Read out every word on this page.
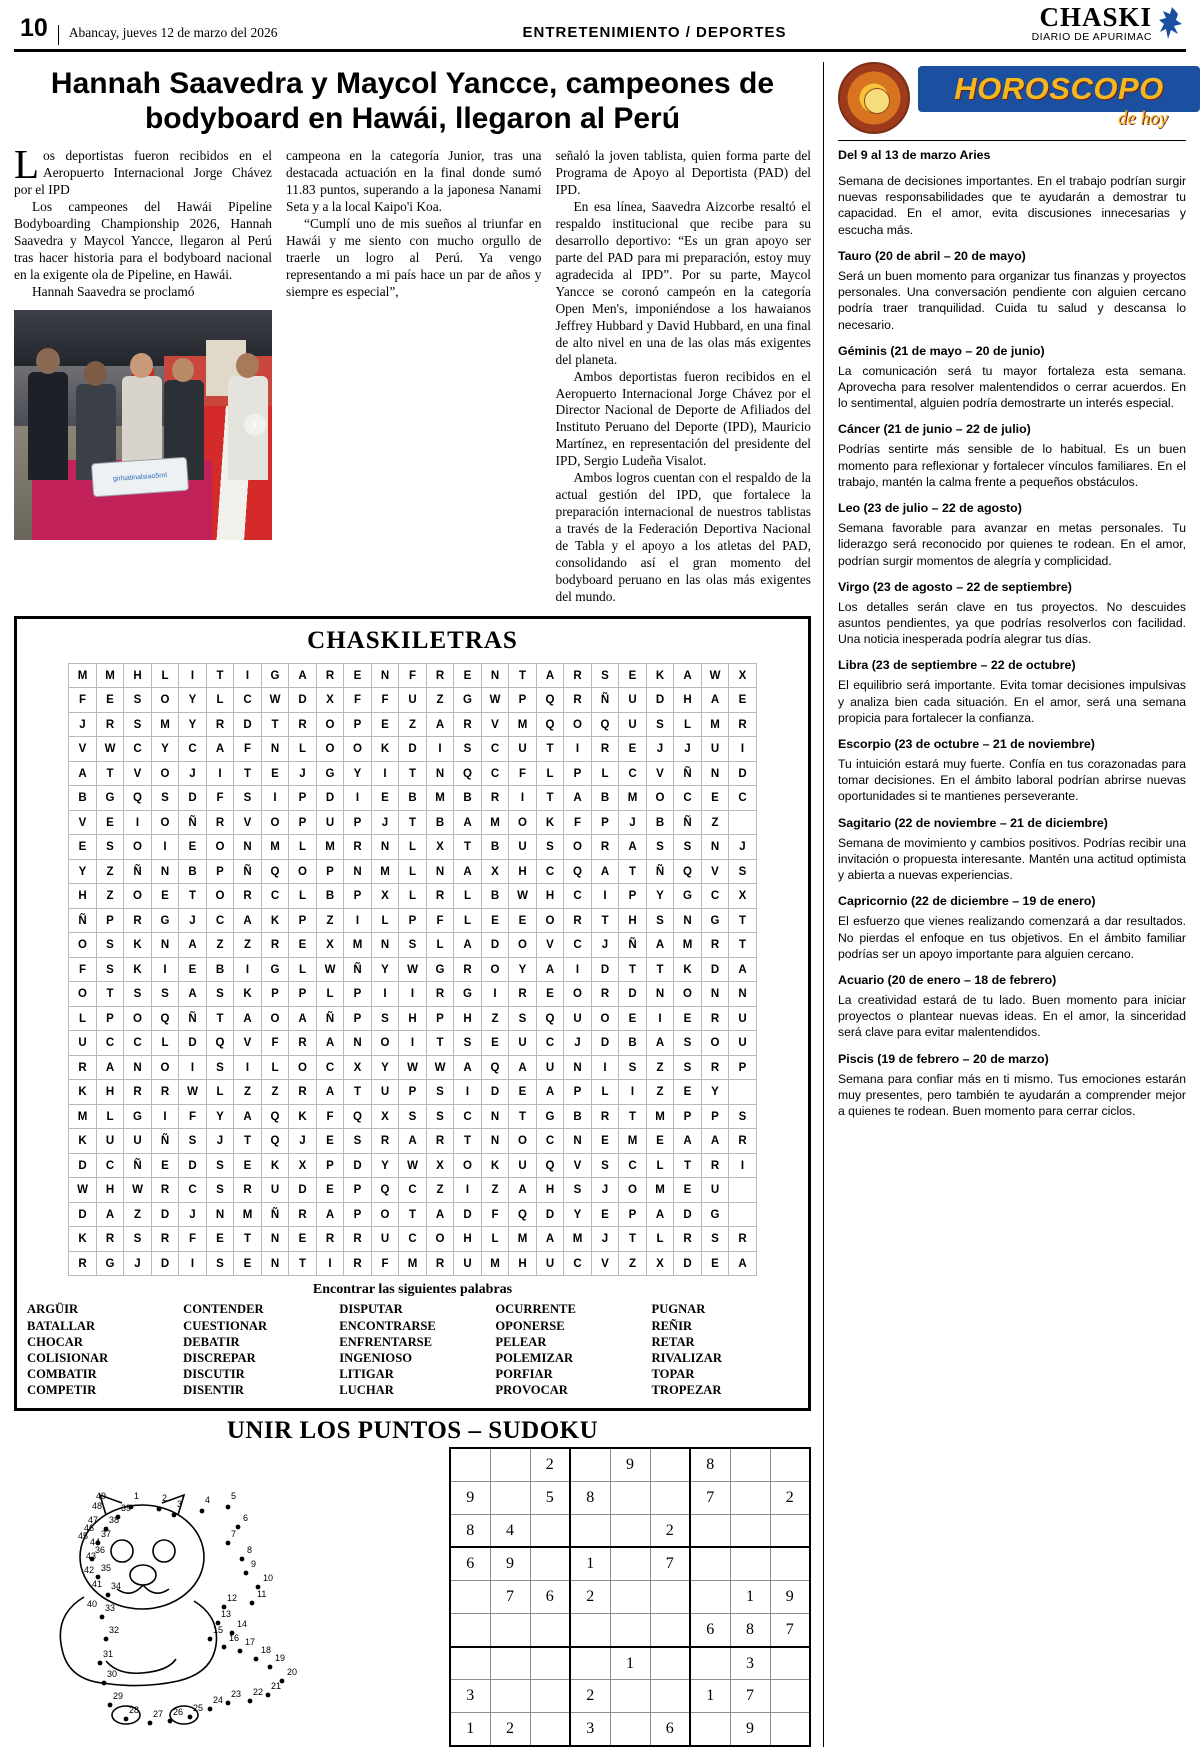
10	Abancay, jueves 12 de marzo del 2026	ENTRETENIMIENTO / DEPORTES
CHASKI
DIARIO DE APURIMAC
Hannah Saavedra y Maycol Yancce, campeones de bodyboard en Hawái, llegaron al Perú

Los deportistas fueron recibidos en el Aeropuerto Internacional Jorge Chávez por el IPD

Los campeones del Hawái Pipeline Bodyboarding Championship 2026, Hannah Saavedra y Maycol Yancce, llegaron al Perú tras hacer historia para el bodyboard nacional en la exigente ola de Pipeline, en Hawái.

Hannah Saavedra se proclamó

girlsatinalsiao5rnl
›

campeona en la categoría Junior, tras una destacada actuación en la final donde sumó 11.83 puntos, superando a la japonesa Nanami Seta y a la local Kaipo'i Koa.

“Cumplí uno de mis sueños al triunfar en Hawái y me siento con mucho orgullo de traerle un logro al Perú. Ya vengo representando a mi país hace un par de años y siempre es especial”,

señaló la joven tablista, quien forma parte del Programa de Apoyo al Deportista (PAD) del IPD.

En esa línea, Saavedra Aizcorbe resaltó el respaldo institucional que recibe para su desarrollo deportivo: “Es un gran apoyo ser parte del PAD para mi preparación, estoy muy agradecida al IPD”. Por su parte, Maycol Yancce se coronó campeón en la categoría Open Men's, imponiéndose a los hawaianos Jeffrey Hubbard y David Hubbard, en una final de alto nivel en una de las olas más exigentes del planeta.

Ambos deportistas fueron recibidos en el Aeropuerto Internacional Jorge Chávez por el Director Nacional de Deporte de Afiliados del Instituto Peruano del Deporte (IPD), Mauricio Martínez, en representación del presidente del IPD, Sergio Ludeña Visalot.

Ambos logros cuentan con el respaldo de la actual gestión del IPD, que fortalece la preparación internacional de nuestros tablistas a través de la Federación Deportiva Nacional de Tabla y el apoyo a los atletas del PAD, consolidando así el gran momento del bodyboard peruano en las olas más exigentes del mundo.

CHASKILETRAS
M	M	H	L	I	T	I	G	A	R	E	N	F	R	E	N	T	A	R	S	E	K	A	W	X
F	E	S	O	Y	L	C	W	D	X	F	F	U	Z	G	W	P	Q	R	Ñ	U	D	H	A	E
J	R	S	M	Y	R	D	T	R	O	P	E	Z	A	R	V	M	Q	O	Q	U	S	L	M	R
V	W	C	Y	C	A	F	N	L	O	O	K	D	I	S	C	U	T	I	R	E	J	J	U	I
A	T	V	O	J	I	T	E	J	G	Y	I	T	N	Q	C	F	L	P	L	C	V	Ñ	N	D
B	G	Q	S	D	F	S	I	P	D	I	E	B	M	B	R	I	T	A	B	M	O	C	E	C
V	E	I	O	Ñ	R	V	O	P	U	P	J	T	B	A	M	O	K	F	P	J	B	Ñ	Z	
E	S	O	I	E	O	N	M	L	M	R	N	L	X	T	B	U	S	O	R	A	S	S	N	J
Y	Z	Ñ	N	B	P	Ñ	Q	O	P	N	M	L	N	A	X	H	C	Q	A	T	Ñ	Q	V	S
H	Z	O	E	T	O	R	C	L	B	P	X	L	R	L	B	W	H	C	I	P	Y	G	C	X
Ñ	P	R	G	J	C	A	K	P	Z	I	L	P	F	L	E	E	O	R	T	H	S	N	G	T
O	S	K	N	A	Z	Z	R	E	X	M	N	S	L	A	D	O	V	C	J	Ñ	A	M	R	T
F	S	K	I	E	B	I	G	L	W	Ñ	Y	W	G	R	O	Y	A	I	D	T	T	K	D	A
O	T	S	S	A	S	K	P	P	L	P	I	I	R	G	I	R	E	O	R	D	N	O	N	N
L	P	O	Q	Ñ	T	A	O	A	Ñ	P	S	H	P	H	Z	S	Q	U	O	E	I	E	R	U
U	C	C	L	D	Q	V	F	R	A	N	O	I	T	S	E	U	C	J	D	B	A	S	O	U
R	A	N	O	I	S	I	L	O	C	X	Y	W	W	A	Q	A	U	N	I	S	Z	S	R	P
K	H	R	R	W	L	Z	Z	R	A	T	U	P	S	I	D	E	A	P	L	I	Z	E	Y	
M	L	G	I	F	Y	A	Q	K	F	Q	X	S	S	C	N	T	G	B	R	T	M	P	P	S
K	U	U	Ñ	S	J	T	Q	J	E	S	R	A	R	T	N	O	C	N	E	M	E	A	A	R
D	C	Ñ	E	D	S	E	K	X	P	D	Y	W	X	O	K	U	Q	V	S	C	L	T	R	I
W	H	W	R	C	S	R	U	D	E	P	Q	C	Z	I	Z	A	H	S	J	O	M	E	U	
D	A	Z	D	J	N	M	Ñ	R	A	P	O	T	A	D	F	Q	D	Y	E	P	A	D	G	
K	R	S	R	F	E	T	N	E	R	R	U	C	O	H	L	M	A	M	J	T	L	R	S	R
R	G	J	D	I	S	E	N	T	I	R	F	M	R	U	M	H	U	C	V	Z	X	D	E	A
Encontrar las siguientes palabras
ARGÜIR
BATALLAR
CHOCAR
COLISIONAR
COMBATIR
COMPETIR
CONTENDER
CUESTIONAR
DEBATIR
DISCREPAR
DISCUTIR
DISENTIR
DISPUTAR
ENCONTRARSE
ENFRENTARSE
INGENIOSO
LITIGAR
LUCHAR
OCURRENTE
OPONERSE
PELEAR
POLEMIZAR
PORFIAR
PROVOCAR
PUGNAR
REÑIR
RETAR
RIVALIZAR
TOPAR
TROPEZAR
UNIR LOS PUNTOS – SUDOKU
1	2
3	4 5
6
7
8
9
10
11
12
13
14
15
16 17
18
19
20
21
22
23
24
25
26
27
28
29
30
31
32
33
34
35
36
37
38
39
40
41
42
43
44
45
46
47
48
49
		2		9		8		
9		5	8			7		2
8	4				2			
6	9		1		7			
	7	6	2				1	9
						6	8	7
				1			3	
3			2			1	7	
1	2		3		6		9	
HOROSCOPO
de hoy
Del 9 al 13 de marzo Aries

Semana de decisiones importantes. En el trabajo podrían surgir nuevas responsabilidades que te ayudarán a demostrar tu capacidad. En el amor, evita discusiones innecesarias y escucha más.

Tauro (20 de abril – 20 de mayo)

Será un buen momento para organizar tus finanzas y proyectos personales. Una conversación pendiente con alguien cercano podría traer tranquilidad. Cuida tu salud y descansa lo necesario.

Géminis (21 de mayo – 20 de junio)

La comunicación será tu mayor fortaleza esta semana. Aprovecha para resolver malentendidos o cerrar acuerdos. En lo sentimental, alguien podría demostrarte un interés especial.

Cáncer (21 de junio – 22 de julio)

Podrías sentirte más sensible de lo habitual. Es un buen momento para reflexionar y fortalecer vínculos familiares. En el trabajo, mantén la calma frente a pequeños obstáculos.

Leo (23 de julio – 22 de agosto)

Semana favorable para avanzar en metas personales. Tu liderazgo será reconocido por quienes te rodean. En el amor, podrían surgir momentos de alegría y complicidad.

Virgo (23 de agosto – 22 de septiembre)

Los detalles serán clave en tus proyectos. No descuides asuntos pendientes, ya que podrías resolverlos con facilidad. Una noticia inesperada podría alegrar tus días.

Libra (23 de septiembre – 22 de octubre)

El equilibrio será importante. Evita tomar decisiones impulsivas y analiza bien cada situación. En el amor, será una semana propicia para fortalecer la confianza.

Escorpio (23 de octubre – 21 de noviembre)

Tu intuición estará muy fuerte. Confía en tus corazonadas para tomar decisiones. En el ámbito laboral podrían abrirse nuevas oportunidades si te mantienes perseverante.

Sagitario (22 de noviembre – 21 de diciembre)

Semana de movimiento y cambios positivos. Podrías recibir una invitación o propuesta interesante. Mantén una actitud optimista y abierta a nuevas experiencias.

Capricornio (22 de diciembre – 19 de enero)

El esfuerzo que vienes realizando comenzará a dar resultados. No pierdas el enfoque en tus objetivos. En el ámbito familiar podrías ser un apoyo importante para alguien cercano.

Acuario (20 de enero – 18 de febrero)

La creatividad estará de tu lado. Buen momento para iniciar proyectos o plantear nuevas ideas. En el amor, la sinceridad será clave para evitar malentendidos.

Piscis (19 de febrero – 20 de marzo)

Semana para confiar más en ti mismo. Tus emociones estarán muy presentes, pero también te ayudarán a comprender mejor a quienes te rodean. Buen momento para cerrar ciclos.
